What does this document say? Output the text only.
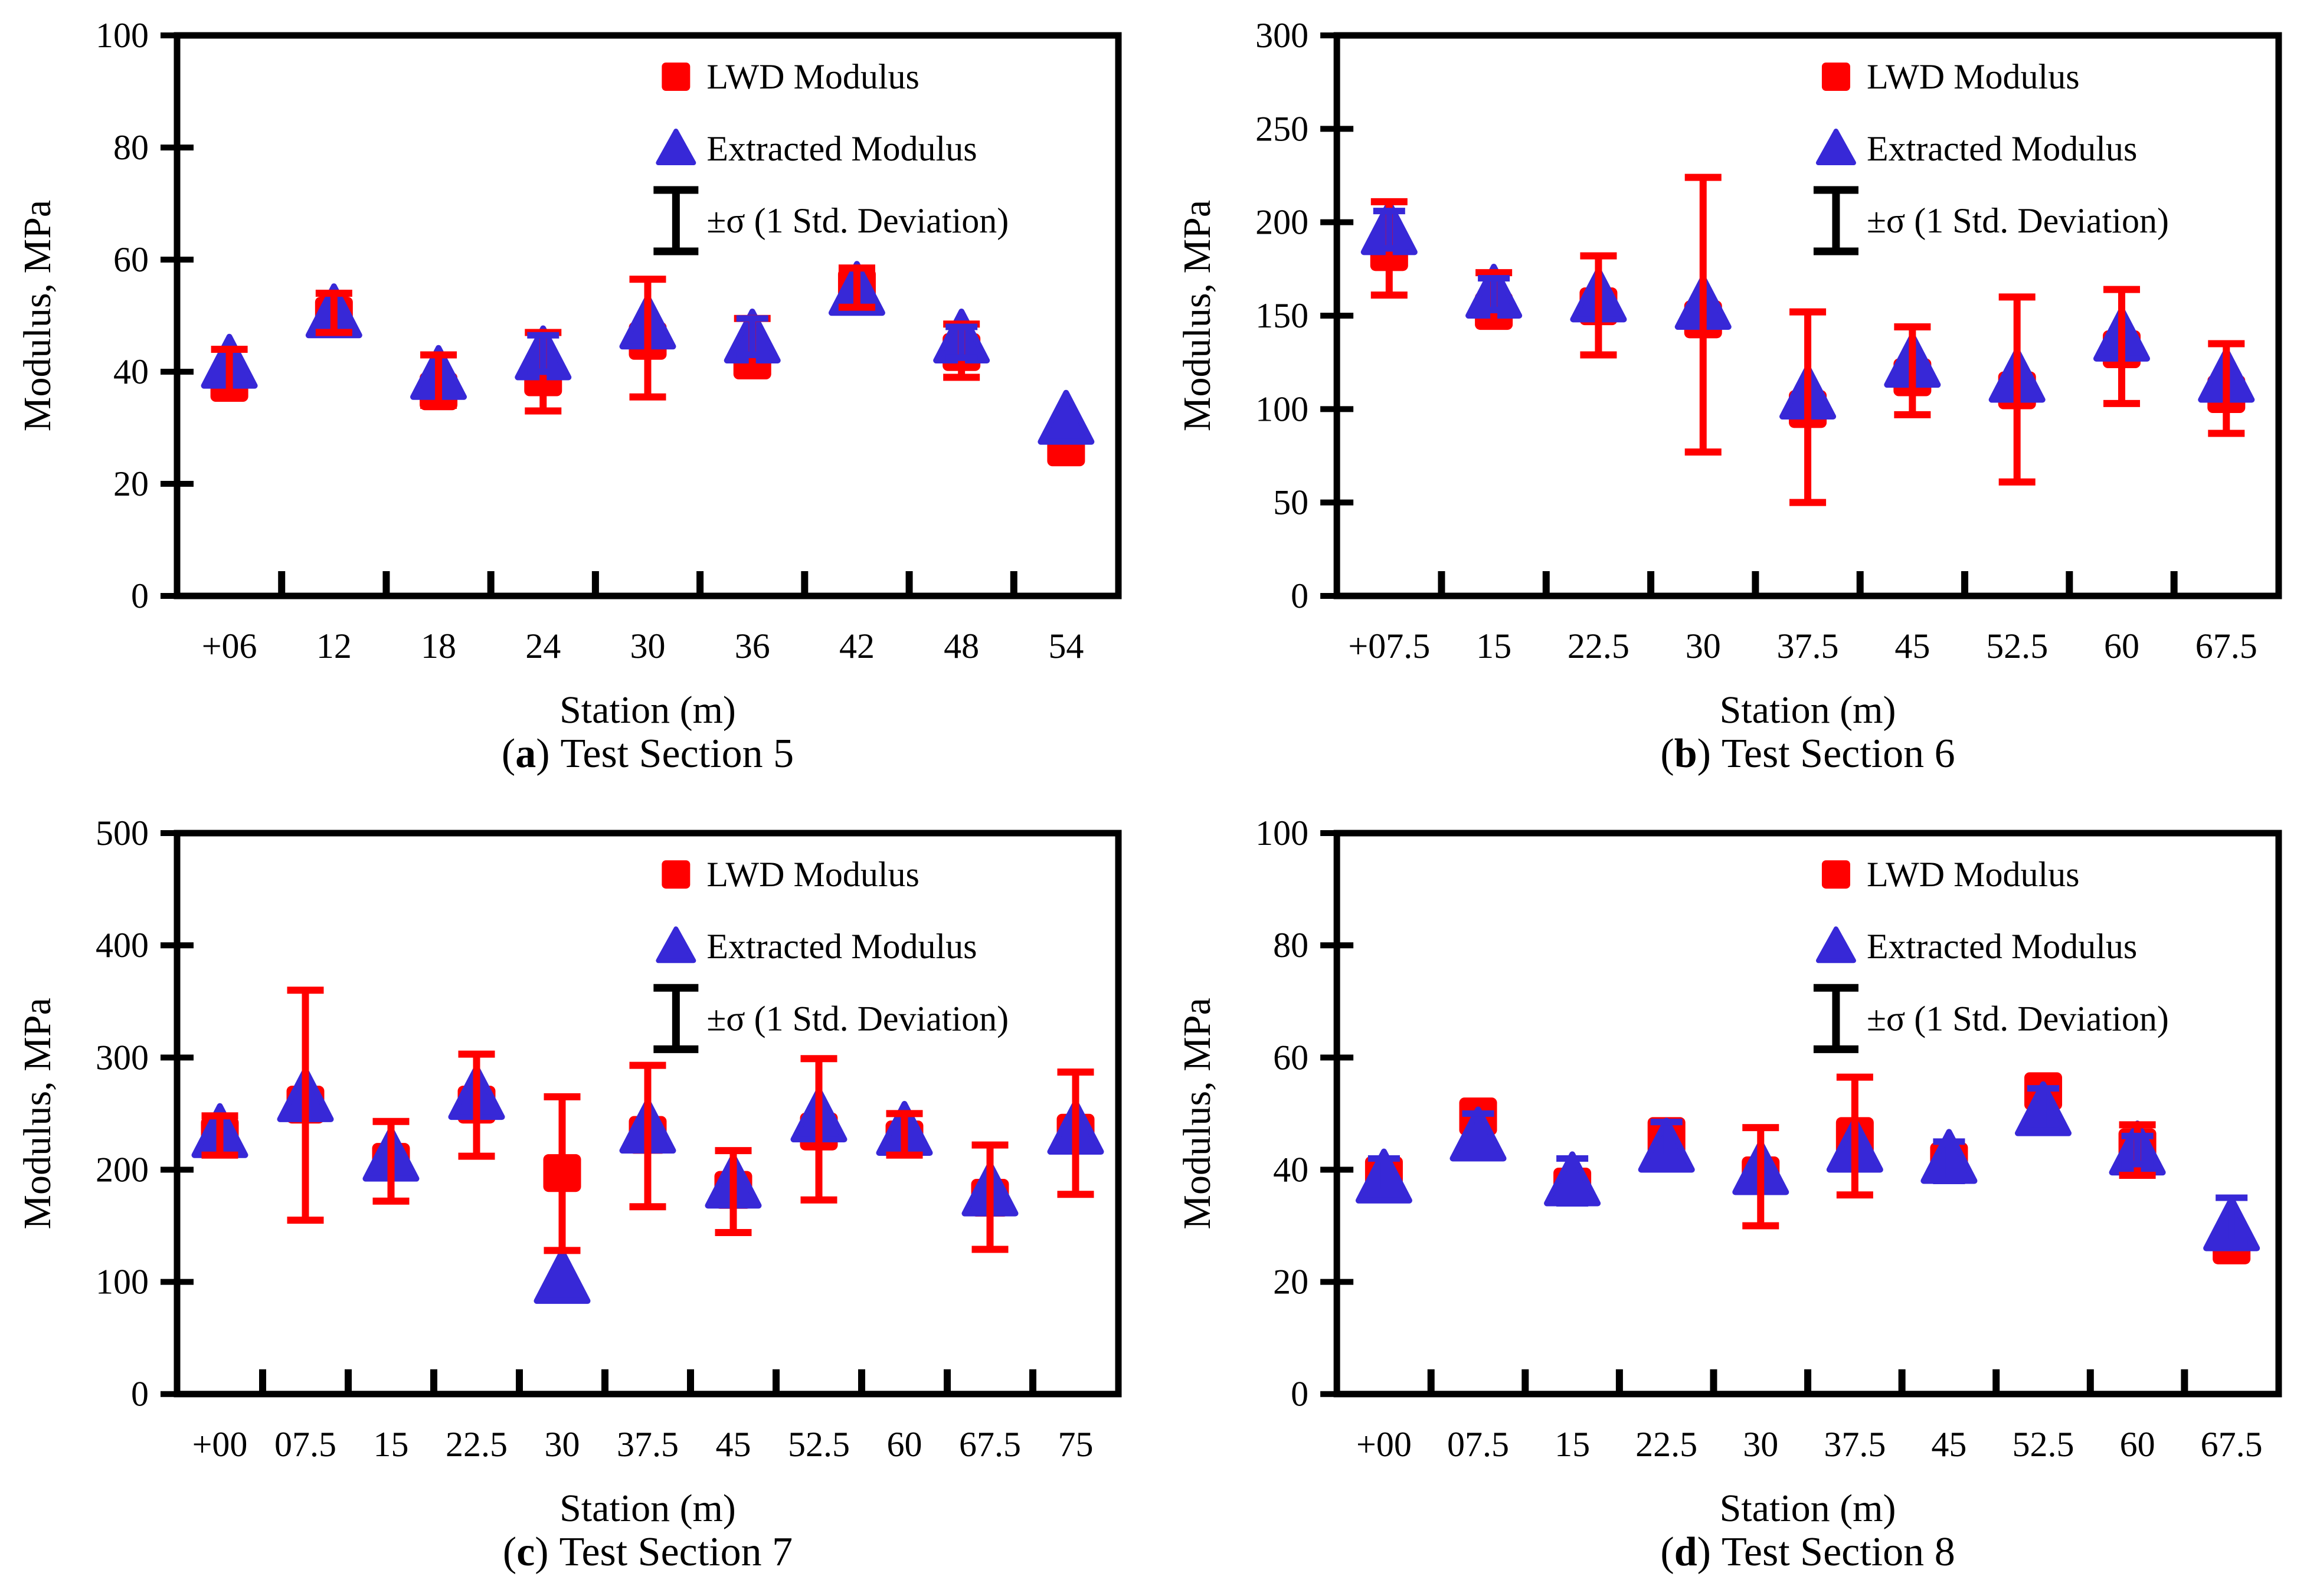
0
20
40
60
80
100
+06 12 18 24 30 36 42 48 54
Station (m)
Modulus, MPa
LWD Modulus
Extracted Modulus
±σ (1 Std. Deviation)
(a) Test Section 5
0
50
100
150
200
250
300
+07.5 15 22.5 30 37.5 45 52.5 60 67.5
Station (m)
Modulus, MPa
LWD Modulus
Extracted Modulus
±σ (1 Std. Deviation)
(b) Test Section 6
0
100
200
300
400
500
+00 07.5 15 22.5 30 37.5 45 52.5 60 67.5 75
Station (m)
Modulus, MPa
LWD Modulus
Extracted Modulus
±σ (1 Std. Deviation)
(c) Test Section 7
0
20
40
60
80
100
+00 07.5 15 22.5 30 37.5 45 52.5 60 67.5
Station (m)
Modulus, MPa
LWD Modulus
Extracted Modulus
±σ (1 Std. Deviation)
(d) Test Section 8
